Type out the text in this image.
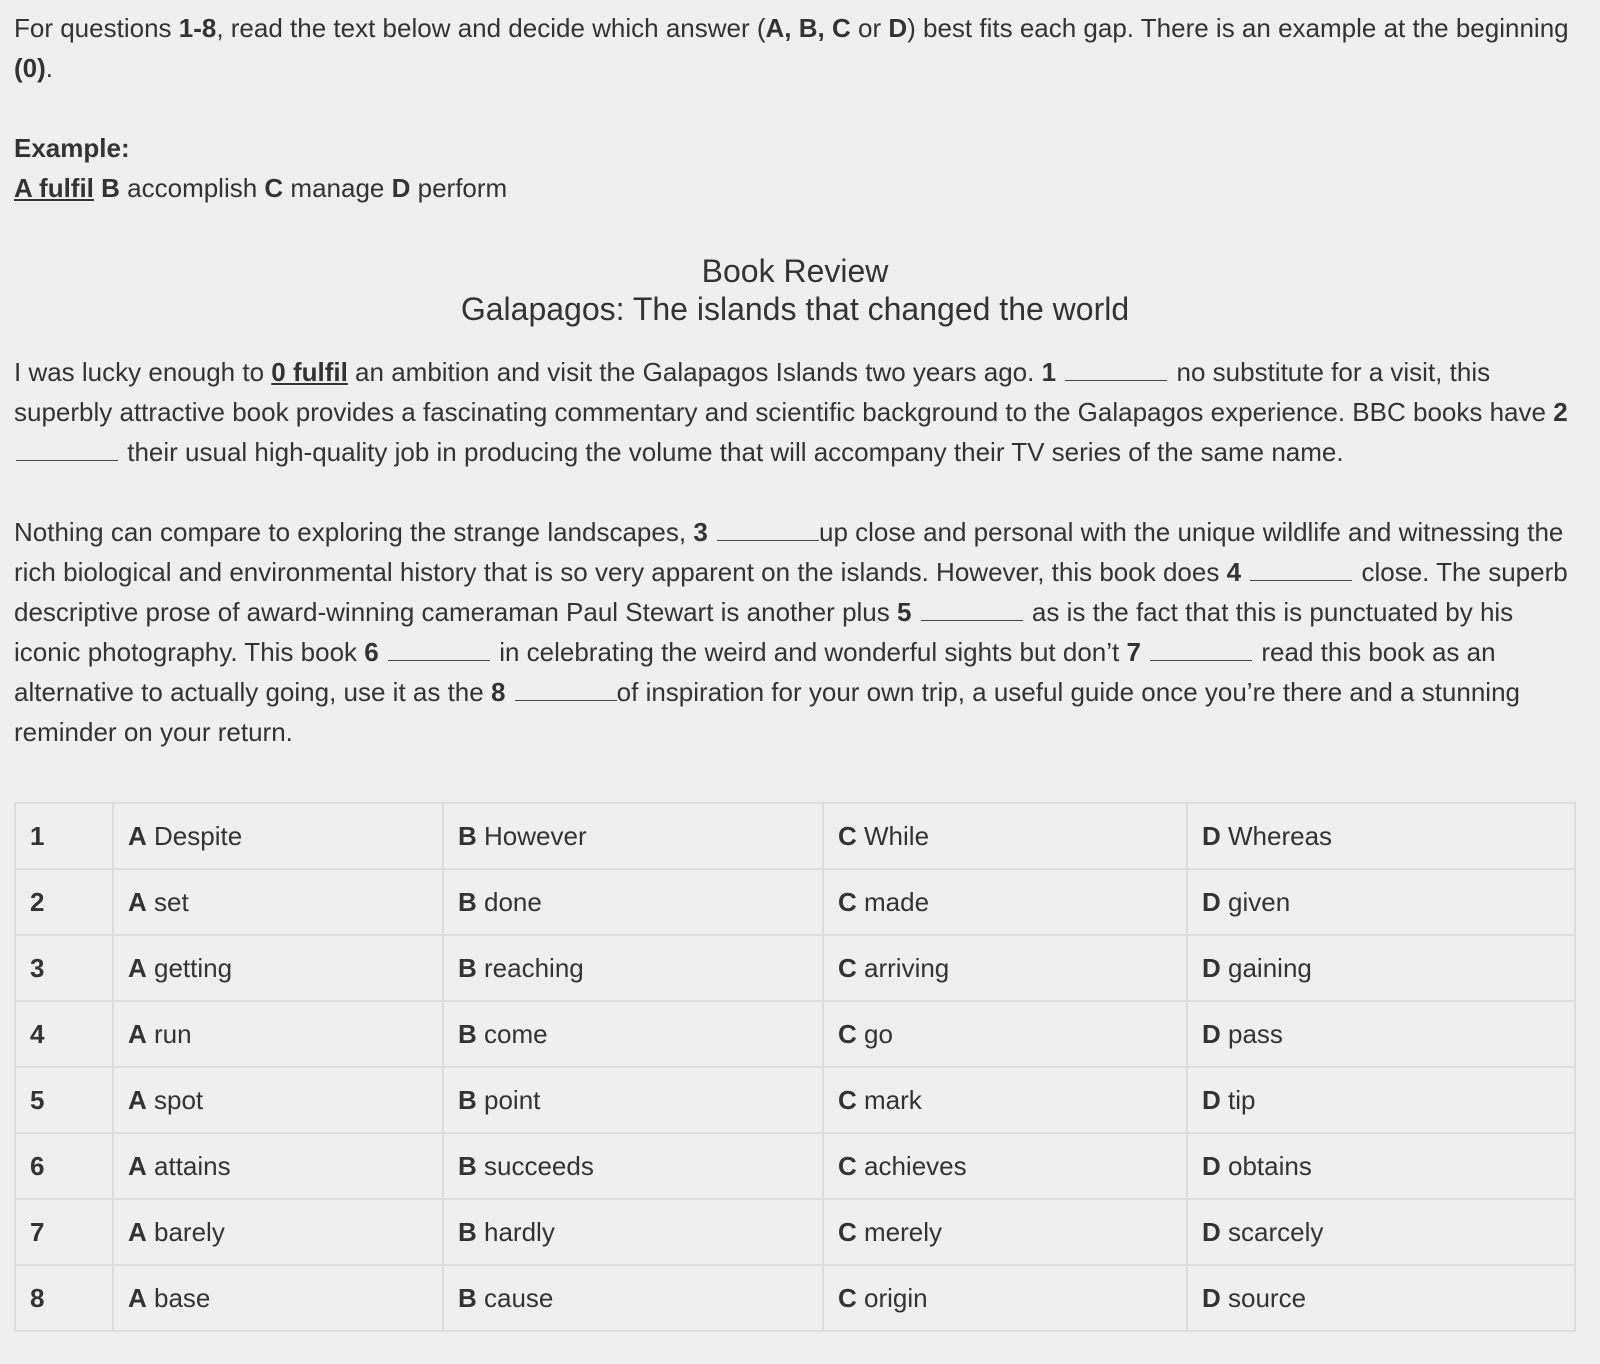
For questions 1-8, read the text below and decide which answer (A, B, C or D) best fits each gap. There is an example at the beginning (0).

Example:
A fulfil B accomplish C manage D perform
Book Review
Galapagos: The islands that changed the world

I was lucky enough to 0 fulfil an ambition and visit the Galapagos Islands two years ago. 1	no substitute for a visit, this superbly attractive book provides a fascinating commentary and scientific background to the Galapagos experience. BBC books have 2  their usual high-quality job in producing the volume that will accompany their TV series of the same name.

Nothing can compare to exploring the strange landscapes, 3	up close and personal with the unique wildlife and witnessing the rich biological and environmental history that is so very apparent on the islands. However, this book does 4	close. The superb descriptive prose of award-winning cameraman Paul Stewart is another plus 5	as is the fact that this is punctuated by his iconic photography. This book 6	in celebrating the weird and wonderful sights but don’t 7	read this book as an alternative to actually going, use it as the 8	of inspiration for your own trip, a useful guide once you’re there and a stunning reminder on your return.

1	A Despite	B However	C While	D Whereas
2	A set	B done	C made	D given
3	A getting	B reaching	C arriving	D gaining
4	A run	B come	C go	D pass
5	A spot	B point	C mark	D tip
6	A attains	B succeeds	C achieves	D obtains
7	A barely	B hardly	C merely	D scarcely
8	A base	B cause	C origin	D source
